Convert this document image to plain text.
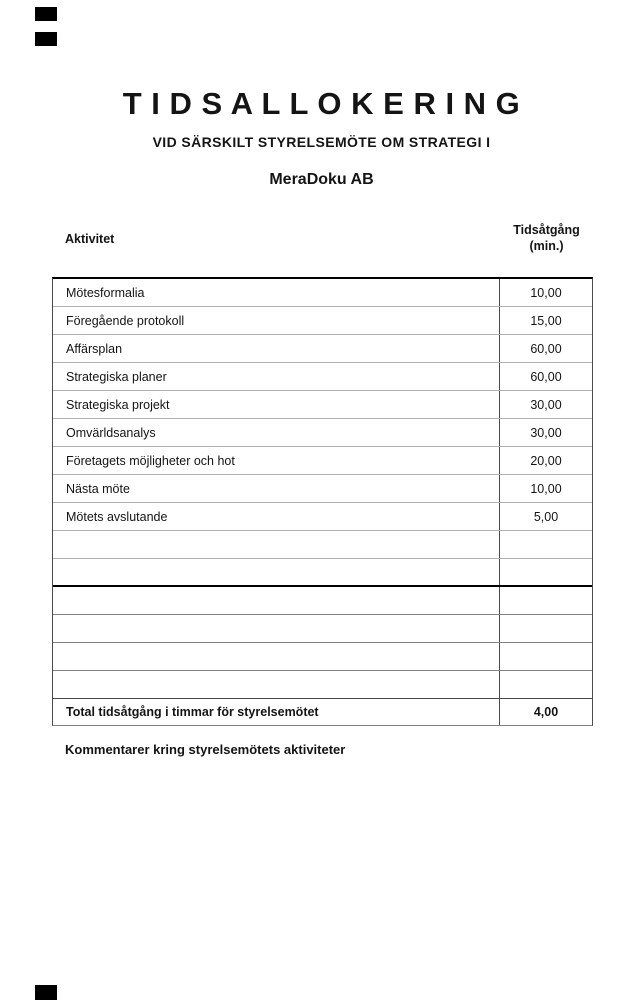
T I D S A L L O K E R I N G
VID SÄRSKILT STYRELSEMÖTE OM STRATEGI I
MeraDoku AB
Aktivitet
Tidsåtgång
(min.)
Mötesformalia	10,00
Föregående protokoll	15,00
Affärsplan	60,00
Strategiska planer	60,00
Strategiska projekt	30,00
Omvärldsanalys	30,00
Företagets möjligheter och hot	20,00
Nästa möte	10,00
Mötets avslutande	5,00
Total tidsåtgång i timmar för styrelsemötet	4,00

Kommentarer kring styrelsemötets aktiviteter
